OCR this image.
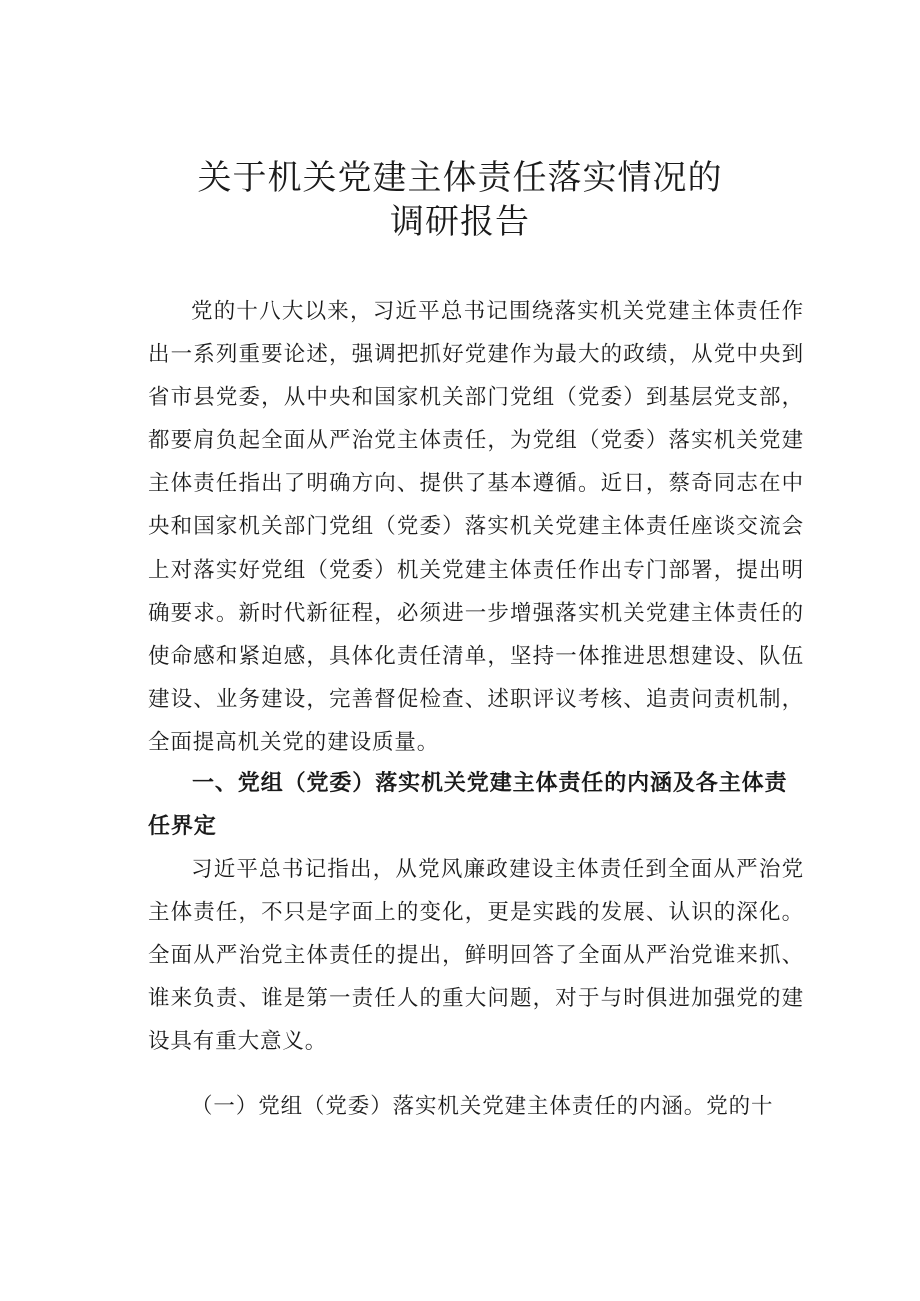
关于机关党建主体责任落实情况的
调研报告

党的十八大以来，习近平总书记围绕落实机关党建主体责任作出一系列重要论述，强调把抓好党建作为最大的政绩，从党中央到省市县党委，从中央和国家机关部门党组（党委）到基层党支部，都要肩负起全面从严治党主体责任，为党组（党委）落实机关党建主体责任指出了明确方向、提供了基本遵循。近日，蔡奇同志在中央和国家机关部门党组（党委）落实机关党建主体责任座谈交流会上对落实好党组（党委）机关党建主体责任作出专门部署，提出明确要求。新时代新征程，必须进一步增强落实机关党建主体责任的使命感和紧迫感，具体化责任清单，坚持一体推进思想建设、队伍建设、业务建设，完善督促检查、述职评议考核、追责问责机制，全面提高机关党的建设质量。

一、党组（党委）落实机关党建主体责任的内涵及各主体责任界定

习近平总书记指出，从党风廉政建设主体责任到全面从严治党主体责任，不只是字面上的变化，更是实践的发展、认识的深化。全面从严治党主体责任的提出，鲜明回答了全面从严治党谁来抓、谁来负责、谁是第一责任人的重大问题，对于与时俱进加强党的建设具有重大意义。

（一）党组（党委）落实机关党建主体责任的内涵。党的十
